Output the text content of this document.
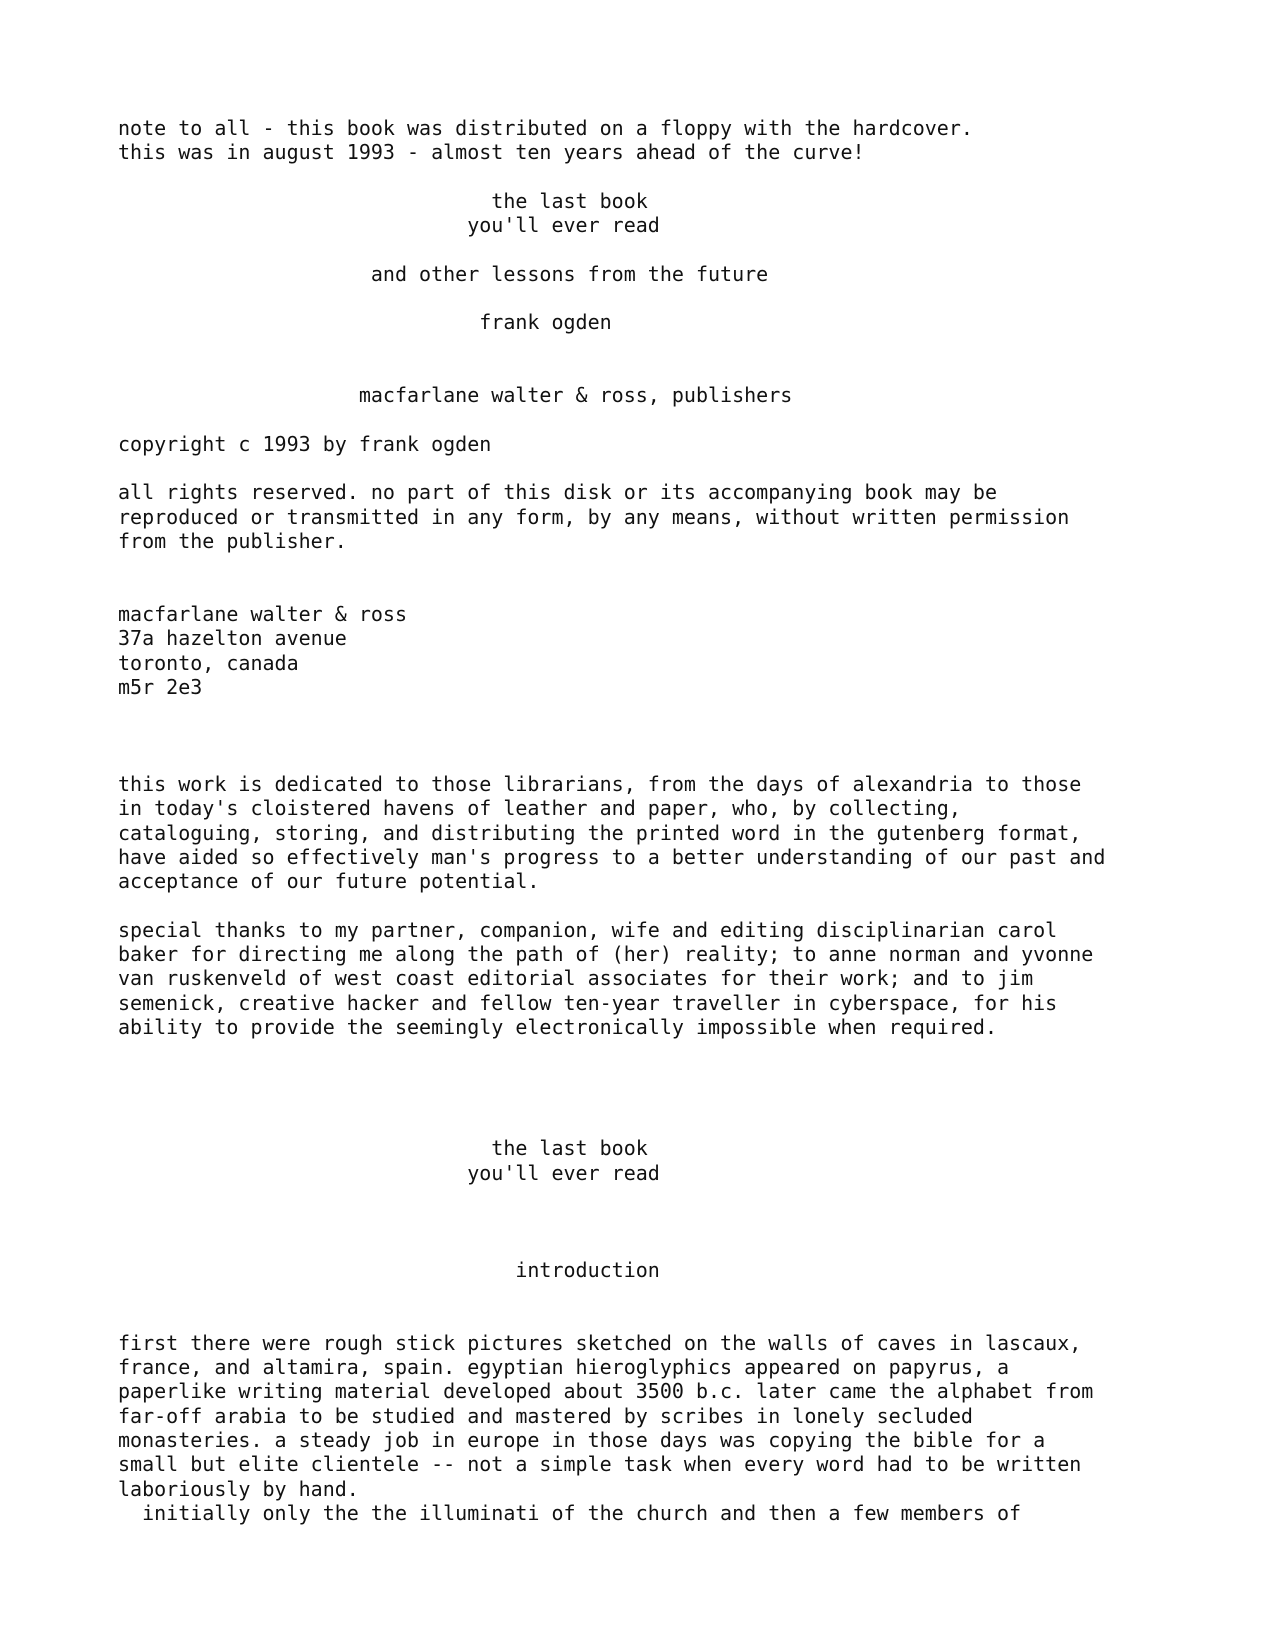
note to all - this book was distributed on a floppy with the hardcover.
this was in august 1993 - almost ten years ahead of the curve!
the last book
you'll ever read
and other lessons from the future
frank ogden
macfarlane walter & ross, publishers
copyright c 1993 by frank ogden
all rights reserved. no part of this disk or its accompanying book may be
reproduced or transmitted in any form, by any means, without written permission
from the publisher.
macfarlane walter & ross
37a hazelton avenue
toronto, canada
m5r 2e3
this work is dedicated to those librarians, from the days of alexandria to those
in today's cloistered havens of leather and paper, who, by collecting,
cataloguing, storing, and distributing the printed word in the gutenberg format,
have aided so effectively man's progress to a better understanding of our past and
acceptance of our future potential.
special thanks to my partner, companion, wife and editing disciplinarian carol
baker for directing me along the path of (her) reality; to anne norman and yvonne
van ruskenveld of west coast editorial associates for their work; and to jim
semenick, creative hacker and fellow ten-year traveller in cyberspace, for his
ability to provide the seemingly electronically impossible when required.
the last book
you'll ever read
introduction
first there were rough stick pictures sketched on the walls of caves in lascaux,
france, and altamira, spain. egyptian hieroglyphics appeared on papyrus, a
paperlike writing material developed about 3500 b.c. later came the alphabet from
far-off arabia to be studied and mastered by scribes in lonely secluded
monasteries. a steady job in europe in those days was copying the bible for a
small but elite clientele -- not a simple task when every word had to be written
laboriously by hand.
initially only the the illuminati of the church and then a few members of
